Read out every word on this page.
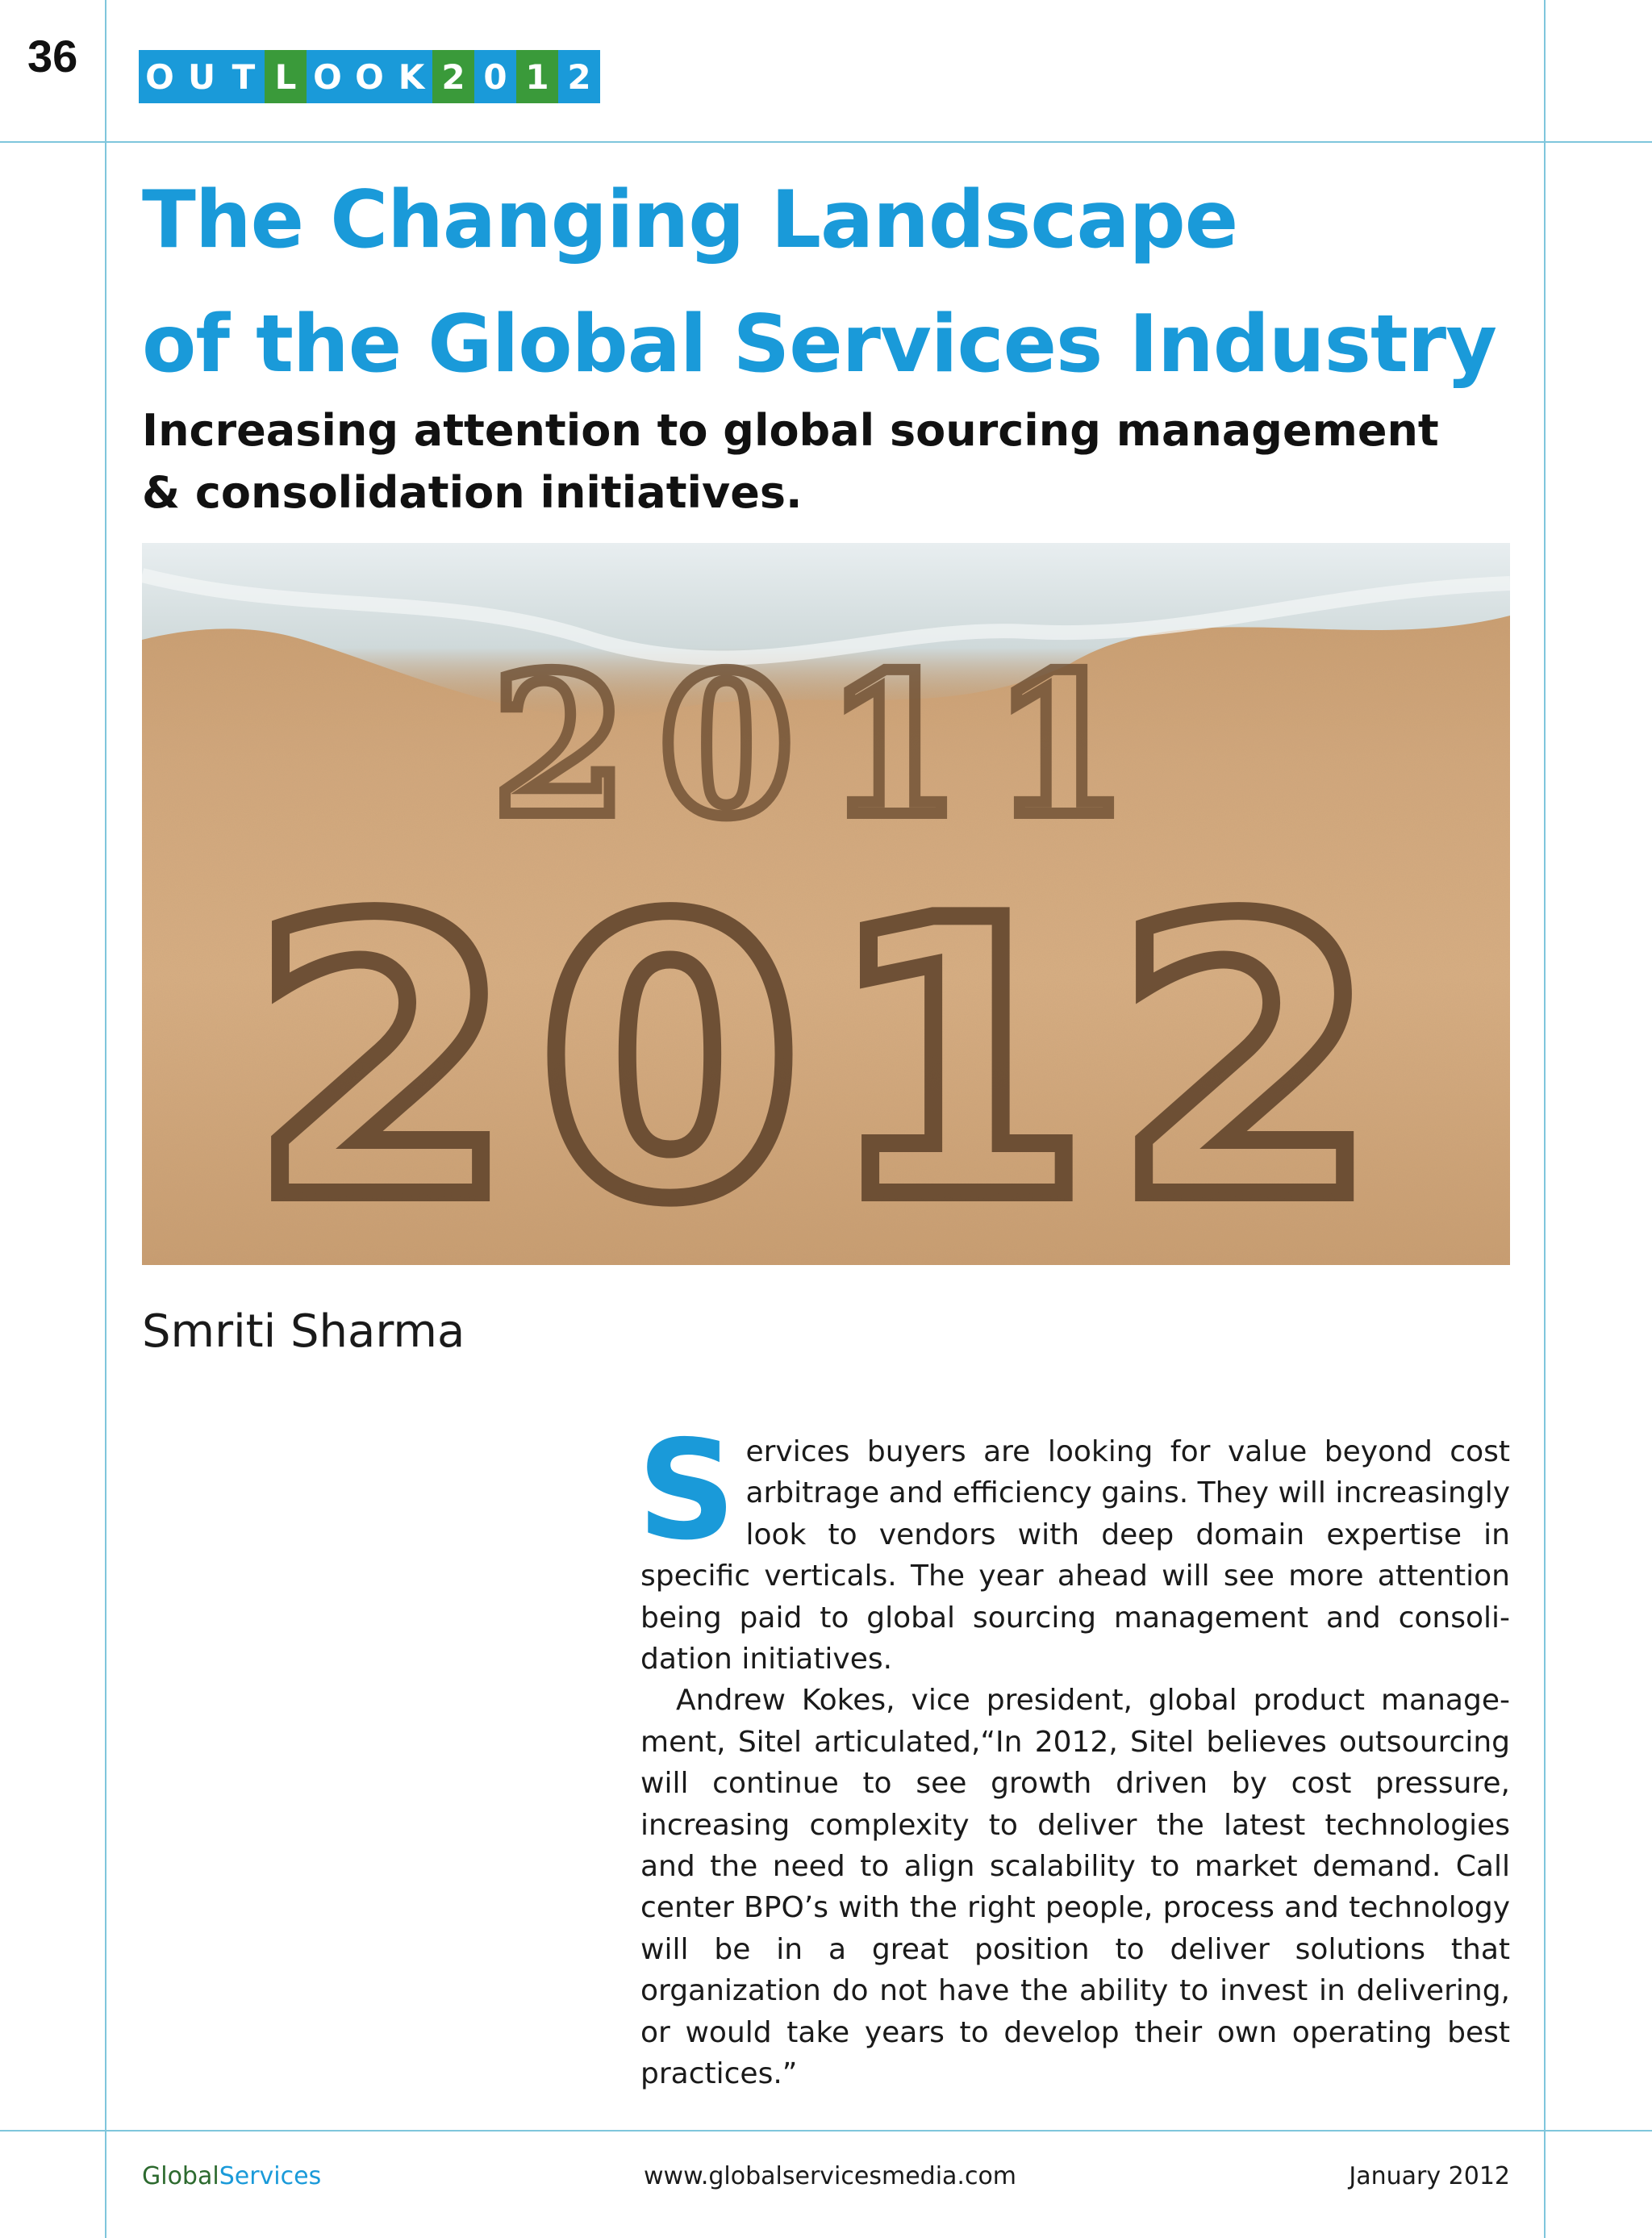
36 O U T L O O K 2 0 1 2
The Changing Landscape
of the Global Services Industry
Increasing attention to global sourcing management
& consolidation initiatives.
2011
2012
Smriti Sharma

Services buyers are looking for value beyond cost arbitrage and efficiency gains. They will increasingly look to vendors with deep domain expertise in specific verticals. The year ahead will see more attention being paid to global sourcing management and consolidation initiatives.

Andrew Kokes, vice president, global product management, Sitel articulated,“In 2012, Sitel believes outsourcing will continue to see growth driven by cost pressure, increasing complexity to deliver the latest technologies and the need to align scalability to market demand. Call center BPO’s with the right people, process and technology will be in a great position to deliver solutions that organization do not have the ability to invest in delivering, or would take years to develop their own operating best practices.”

GlobalServices	www.globalservicesmedia.com	January 2012
